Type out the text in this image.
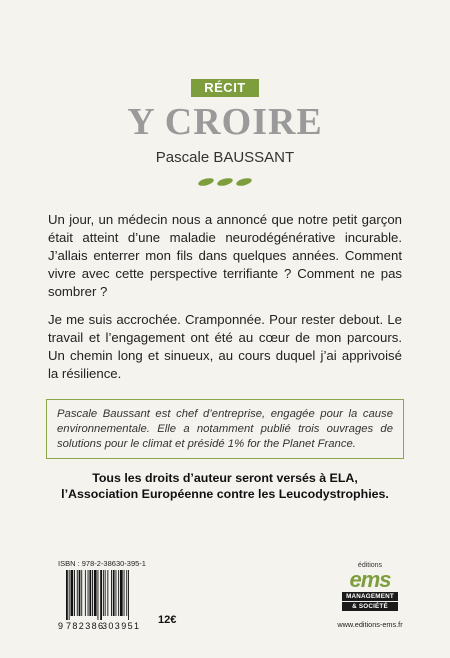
RÉCIT
Y CROIRE
Pascale BAUSSANT

Un jour, un médecin nous a annoncé que notre petit garçon était atteint d’une maladie neurodégénérative incurable. J’allais enterrer mon fils dans quelques années. Comment vivre avec cette perspective terrifiante ? Comment ne pas sombrer ?

Je me suis accrochée. Cramponnée. Pour rester debout. Le travail et l’engagement ont été au cœur de mon parcours. Un chemin long et sinueux, au cours duquel j’ai apprivoisé la résilience.

Pascale Baussant est chef d’entreprise, engagée pour la cause environnementale. Elle a notamment publié trois ouvrages de solutions pour le climat et présidé 1% for the Planet France.

Tous les droits d’auteur seront versés à ELA,
l’Association Européenne contre les Leucodystrophies.
ISBN : 978-2-38630-395-1
9 782386
303951	12€
éditions
ems
MANAGEMENT
& SOCIÉTÉ
www.editions-ems.fr
